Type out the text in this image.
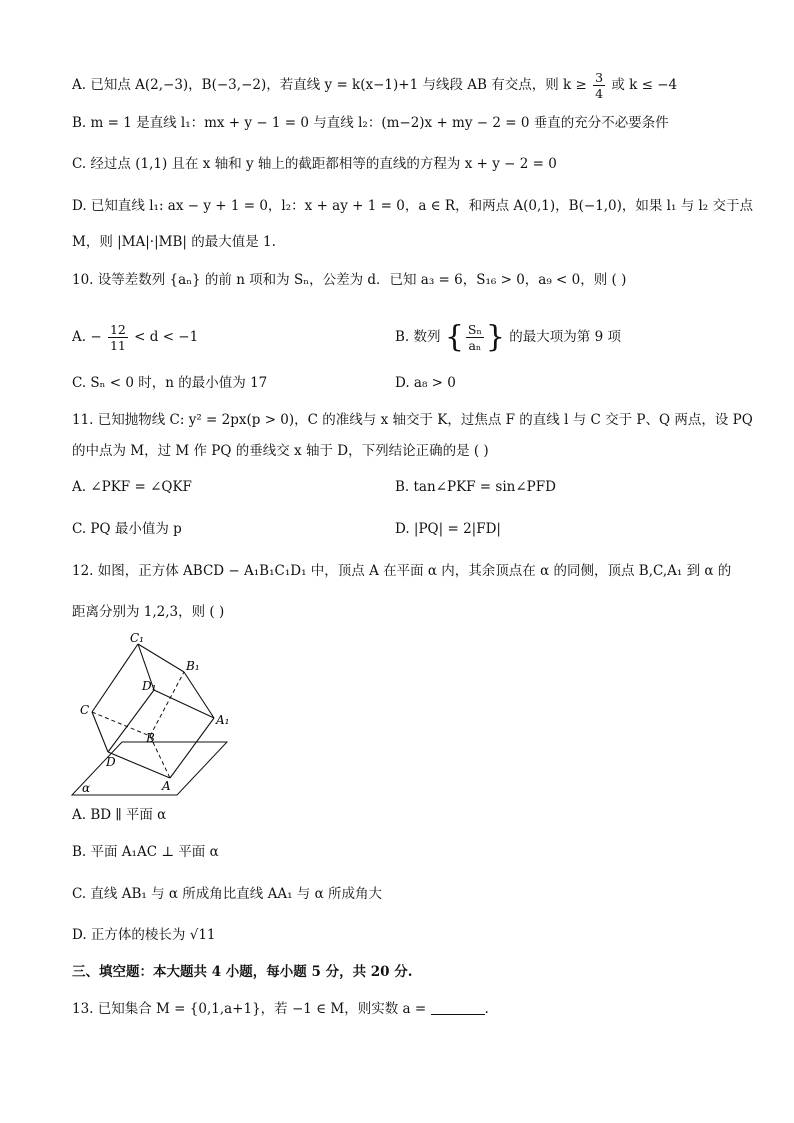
A. 已知点 A(2,−3)，B(−3,−2)，若直线 y = k(x−1)+1 与线段 AB 有交点，则 $k \ge \frac{3}{4}$ 或 k ≤ −4
B. m = 1 是直线 l₁：mx + y − 1 = 0 与直线 l₂：(m−2)x + my − 2 = 0 垂直的充分不必要条件
C. 经过点 (1,1) 且在 x 轴和 y 轴上的截距都相等的直线的方程为 x + y − 2 = 0
D. 已知直线 l₁: ax − y + 1 = 0，l₂：x + ay + 1 = 0，a ∈ R，和两点 A(0,1)，B(−1,0)，如果 l₁ 与 l₂ 交于点
M，则 |MA|·|MB| 的最大值是 1.
10. 设等差数列 {aₙ} 的前 n 项和为 Sₙ，公差为 d．已知 a₃ = 6，S₁₆ > 0，a₉ < 0，则 ( )
A. − $\frac{12}{11} < d < -1$	B. 数列 { $\frac{\text{Sₙ}}{\text{aₙ}}$ } 的最大项为第 9 项
C. Sₙ < 0 时，n 的最小值为 17	D. a₈ > 0
11. 已知抛物线 C: y² = 2px(p > 0)，C 的准线与 x 轴交于 K，过焦点 F 的直线 l 与 C 交于 P、Q 两点，设 PQ
的中点为 M，过 M 作 PQ 的垂线交 x 轴于 D，下列结论正确的是 ( )
A. ∠PKF = ∠QKF	B. tan∠PKF = sin∠PFD
C. PQ 最小值为 p	D. |PQ| = 2|FD|
12. 如图，正方体 ABCD − A₁B₁C₁D₁ 中，顶点 A 在平面 α 内，其余顶点在 α 的同侧，顶点 B,C,A₁ 到 α 的
距离分别为 1,2,3，则 ( )
C₁
B₁
D₁
C
A₁
B
D
A
α
A. BD ∥ 平面 α
B. 平面 A₁AC ⊥ 平面 α
C. 直线 AB₁ 与 α 所成角比直线 AA₁ 与 α 所成角大
D. 正方体的棱长为 √11
三、填空题：本大题共 4 小题，每小题 5 分，共 20 分.
13. 已知集合 M = {0,1,a+1}，若 −1 ∈ M，则实数 a =	.
